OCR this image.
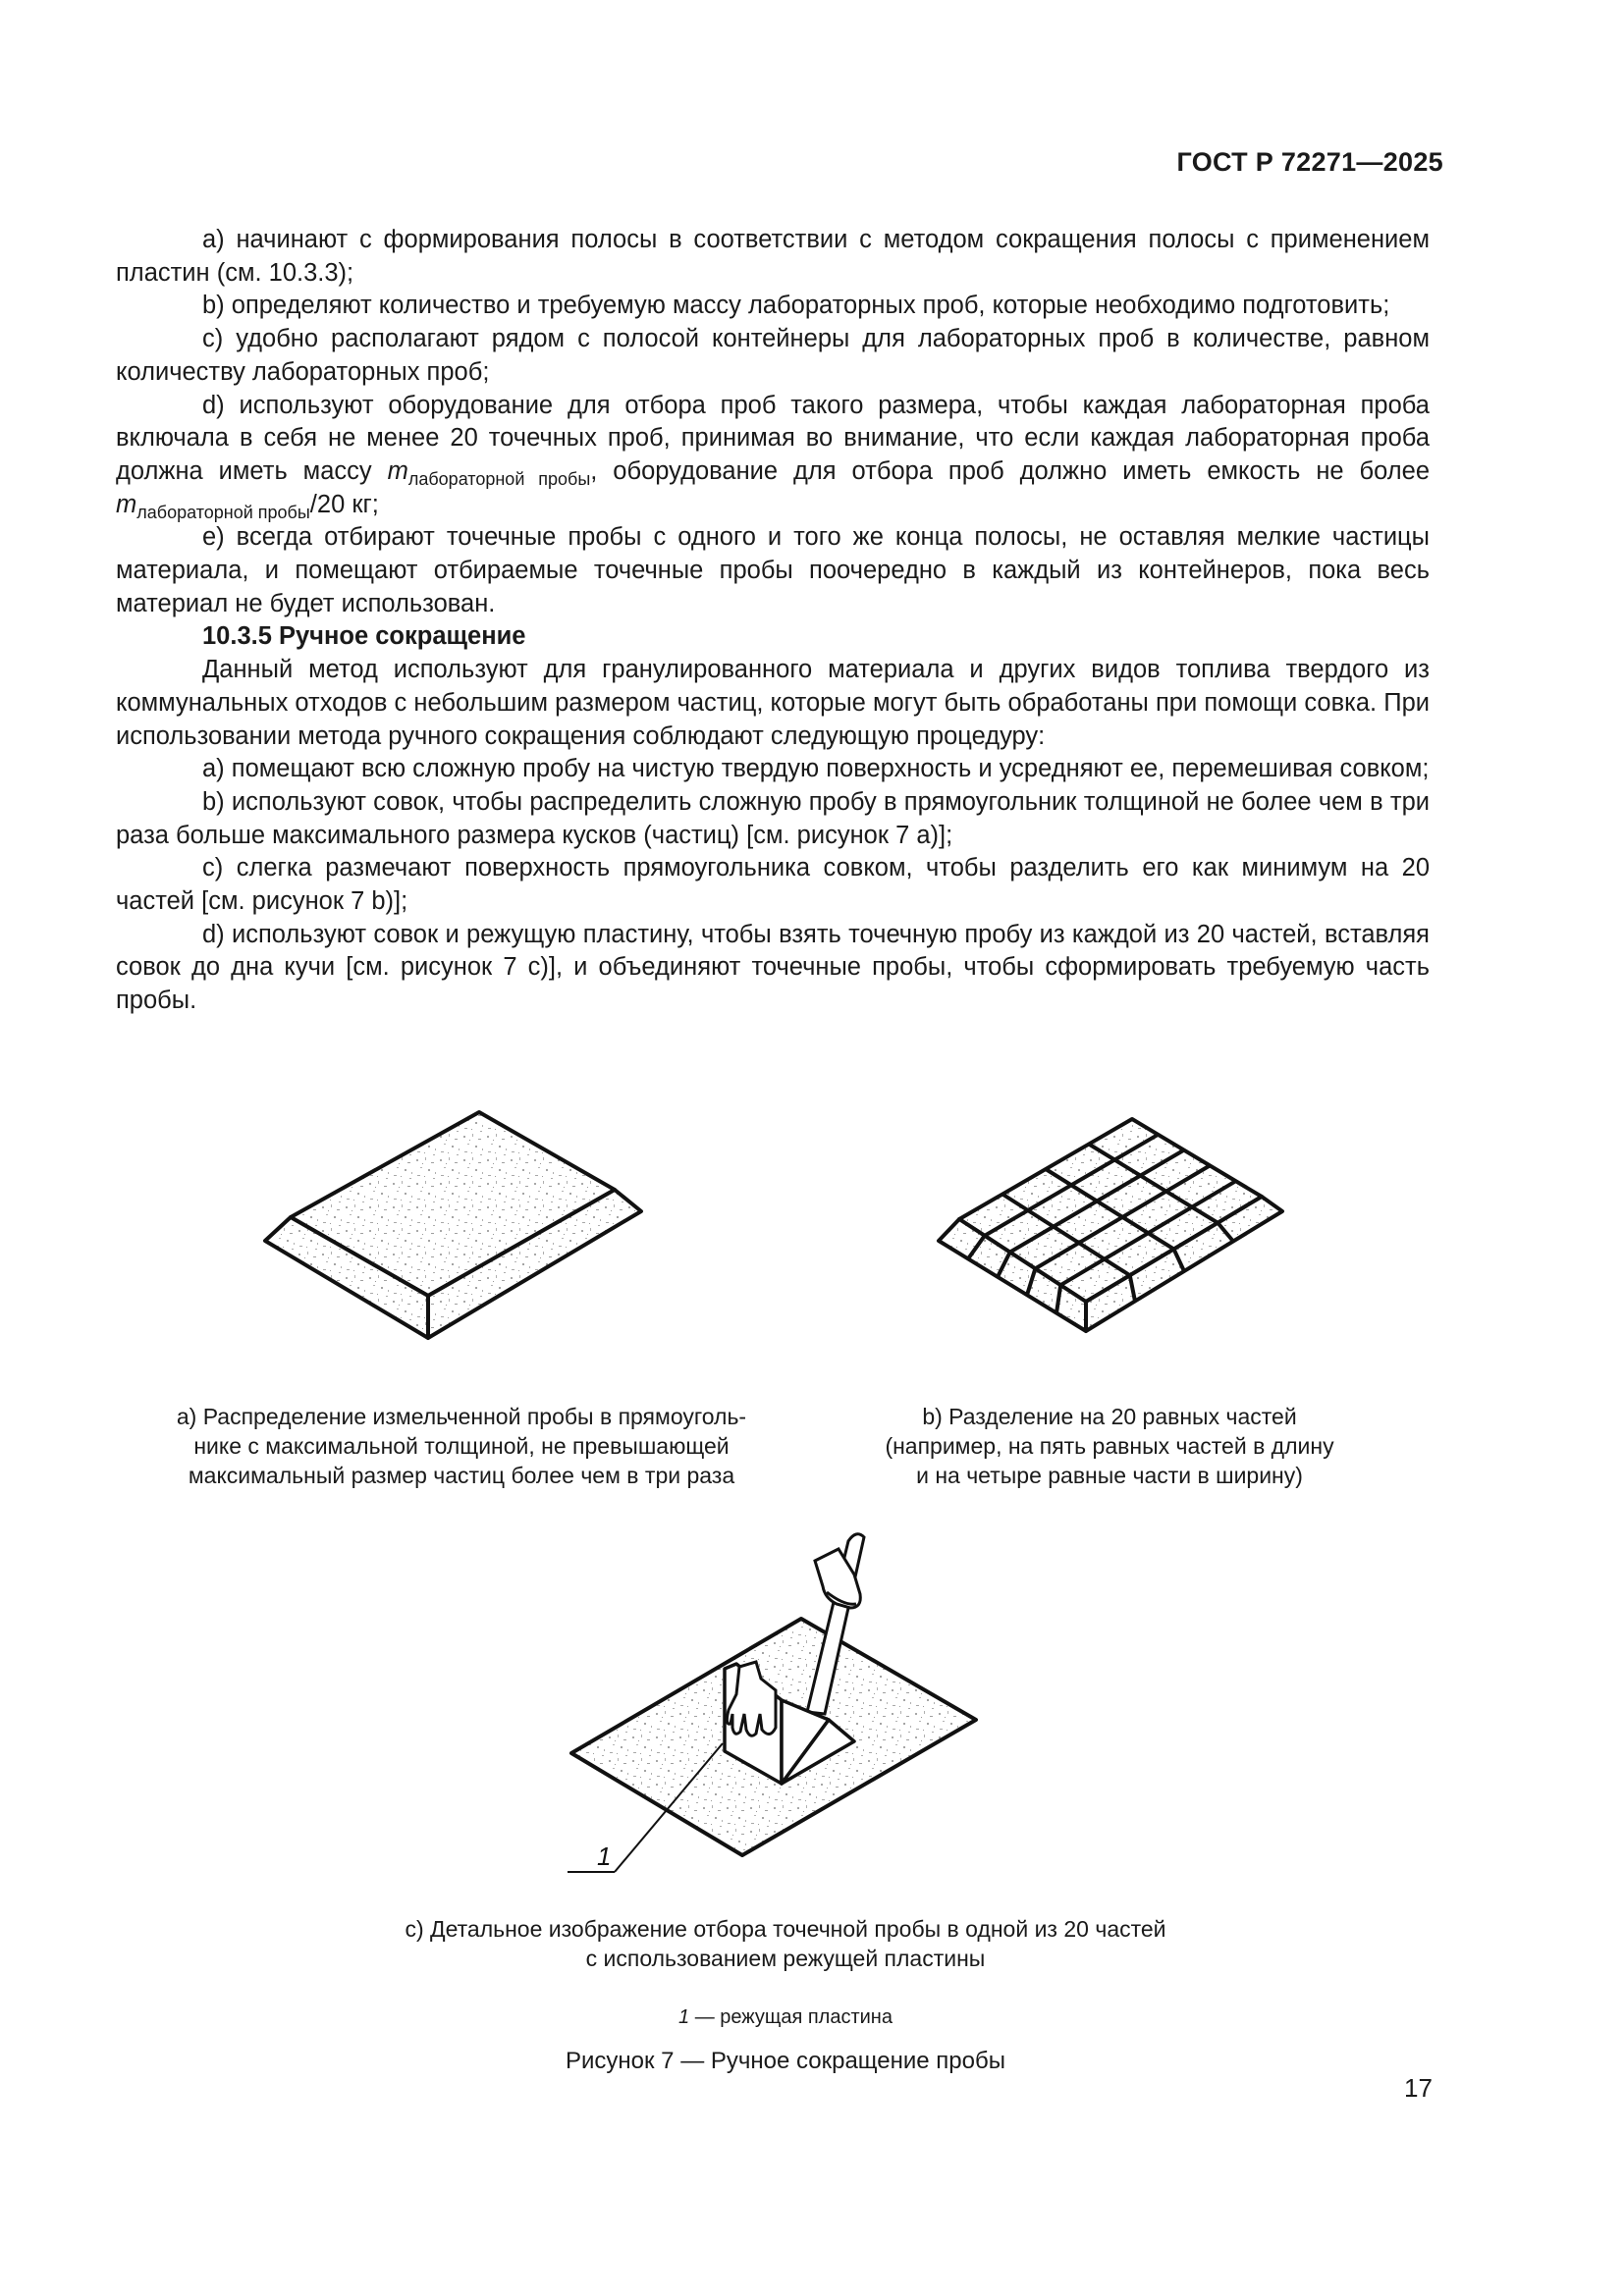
ГОСТ Р 72271—2025

a) начинают с формирования полосы в соответствии с методом сокращения полосы с применением пластин (см. 10.3.3);

b) определяют количество и требуемую массу лабораторных проб, которые необходимо подготовить;

c) удобно располагают рядом с полосой контейнеры для лабораторных проб в количестве, равном количеству лабораторных проб;

d) используют оборудование для отбора проб такого размера, чтобы каждая лабораторная проба включала в себя не менее 20 точечных проб, принимая во внимание, что если каждая лабораторная проба должна иметь массу $m_{лабораторной пробы}$, оборудование для отбора проб должно иметь емкость не более $m_{лабораторной пробы}/20$ кг;

e) всегда отбирают точечные пробы с одного и того же конца полосы, не оставляя мелкие частицы материала, и помещают отбираемые точечные пробы поочередно в каждый из контейнеров, пока весь материал не будет использован.

10.3.5 Ручное сокращение

Данный метод используют для гранулированного материала и других видов топлива твердого из коммунальных отходов с небольшим размером частиц, которые могут быть обработаны при помощи совка. При использовании метода ручного сокращения соблюдают следующую процедуру:

a) помещают всю сложную пробу на чистую твердую поверхность и усредняют ее, перемешивая совком;

b) используют совок, чтобы распределить сложную пробу в прямоугольник толщиной не более чем в три раза больше максимального размера кусков (частиц) [см. рисунок 7 a)];

c) слегка размечают поверхность прямоугольника совком, чтобы разделить его как минимум на 20 частей [см. рисунок 7 b)];

d) используют совок и режущую пластину, чтобы взять точечную пробу из каждой из 20 частей, вставляя совок до дна кучи [см. рисунок 7 c)], и объединяют точечные пробы, чтобы сформировать требуемую часть пробы.

a) Распределение измельченной пробы в прямоуголь-
нике с максимальной толщиной, не превышающей
максимальный размер частиц более чем в три раза
b) Разделение на 20 равных частей
(например, на пять равных частей в длину
и на четыре равные части в ширину)
1
c) Детальное изображение отбора точечной пробы в одной из 20 частей
с использованием режущей пластины
1 — режущая пластина
Рисунок 7 — Ручное сокращение пробы
17
